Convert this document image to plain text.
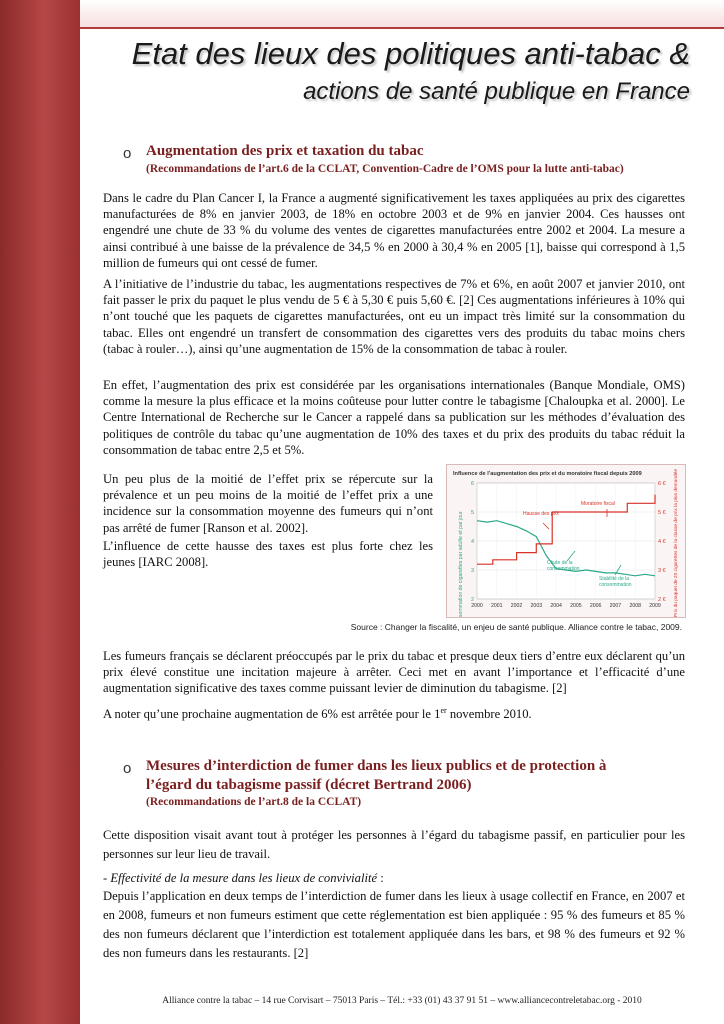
Etat des lieux des politiques anti-tabac &
actions de santé publique en France
o Augmentation des prix et taxation du tabac
(Recommandations de l’art.6 de la CCLAT, Convention-Cadre de l’OMS pour la lutte anti-tabac)

Dans le cadre du Plan Cancer I, la France a augmenté significativement les taxes appliquées au prix des cigarettes manufacturées de 8% en janvier 2003, de 18% en octobre 2003 et de 9% en janvier 2004. Ces hausses ont engendré une chute de 33 % du volume des ventes de cigarettes manufacturées entre 2002 et 2004. La mesure a ainsi contribué à une baisse de la prévalence de 34,5 % en 2000 à 30,4 % en 2005 [1], baisse qui correspond à 1,5 million de fumeurs qui ont cessé de fumer.

A l’initiative de l’industrie du tabac, les augmentations respectives de 7% et 6%, en août 2007 et janvier 2010, ont fait passer le prix du paquet le plus vendu de 5 € à 5,30 € puis 5,60 €. [2] Ces augmentations inférieures à 10% qui n’ont touché que les paquets de cigarettes manufacturées, ont eu un impact très limité sur la consommation du tabac. Elles ont engendré un transfert de consommation des cigarettes vers des produits du tabac moins chers (tabac à rouler…), ainsi qu’une augmentation de 15% de la consommation de tabac à rouler.

En effet, l’augmentation des prix est considérée par les organisations internationales (Banque Mondiale, OMS) comme la mesure la plus efficace et la moins coûteuse pour lutter contre le tabagisme [Chaloupka et al. 2000]. Le Centre International de Recherche sur le Cancer a rappelé dans sa publication sur les méthodes d’évaluation des politiques de contrôle du tabac qu’une augmentation de 10% des taxes et du prix des produits du tabac réduit la consommation de tabac entre 2,5 et 5%.

Un peu plus de la moitié de l’effet prix se répercute sur la prévalence et un peu moins de la moitié de l’effet prix a une incidence sur la consommation moyenne des fumeurs qui n’ont pas arrêté de fumer [Ranson et al. 2002].

L’influence de cette hausse des taxes est plus forte chez les jeunes [IARC 2008].

Influence de l’augmentation des prix et du moratoire fiscal depuis 2009
2
3
4
5
6
2 €
3 €
4 €
5 €
6 €
2000 2001 2002 2003 2004 2005 2006 2007 2008 2009
Consommation de cigarettes par adulte et par jour	Prix du paquet de 20 cigarettes de la classe de prix la plus demandée
Hausse des prix
Moratoire fiscal
Chute de la
consommation
Stabilité de la
consommation
Source : Changer la fiscalité, un enjeu de santé publique. Alliance contre le tabac, 2009.

Les fumeurs français se déclarent préoccupés par le prix du tabac et presque deux tiers d’entre eux déclarent qu’un prix élevé constitue une incitation majeure à arrêter. Ceci met en avant l’importance et l’efficacité d’une augmentation significative des taxes comme puissant levier de diminution du tabagisme. [2]

A noter qu’une prochaine augmentation de 6% est arrêtée pour le 1er novembre 2010.

o Mesures d’interdiction de fumer dans les lieux publics et de protection à
l’égard du tabagisme passif (décret Bertrand 2006)
(Recommandations de l’art.8 de la CCLAT)

Cette disposition visait avant tout à protéger les personnes à l’égard du tabagisme passif, en particulier pour les personnes sur leur lieu de travail.

- Effectivité de la mesure dans les lieux de convivialité :

Depuis l’application en deux temps de l’interdiction de fumer dans les lieux à usage collectif en France, en 2007 et en 2008, fumeurs et non fumeurs estiment que cette réglementation est bien appliquée : 95 % des fumeurs et 85 % des non fumeurs déclarent que l’interdiction est totalement appliquée dans les bars, et 98 % des fumeurs et 92 % des non fumeurs dans les restaurants. [2]

Alliance contre la tabac – 14 rue Corvisart – 75013 Paris – Tél.: +33 (01) 43 37 91 51 – www.alliancecontreletabac.org - 2010
